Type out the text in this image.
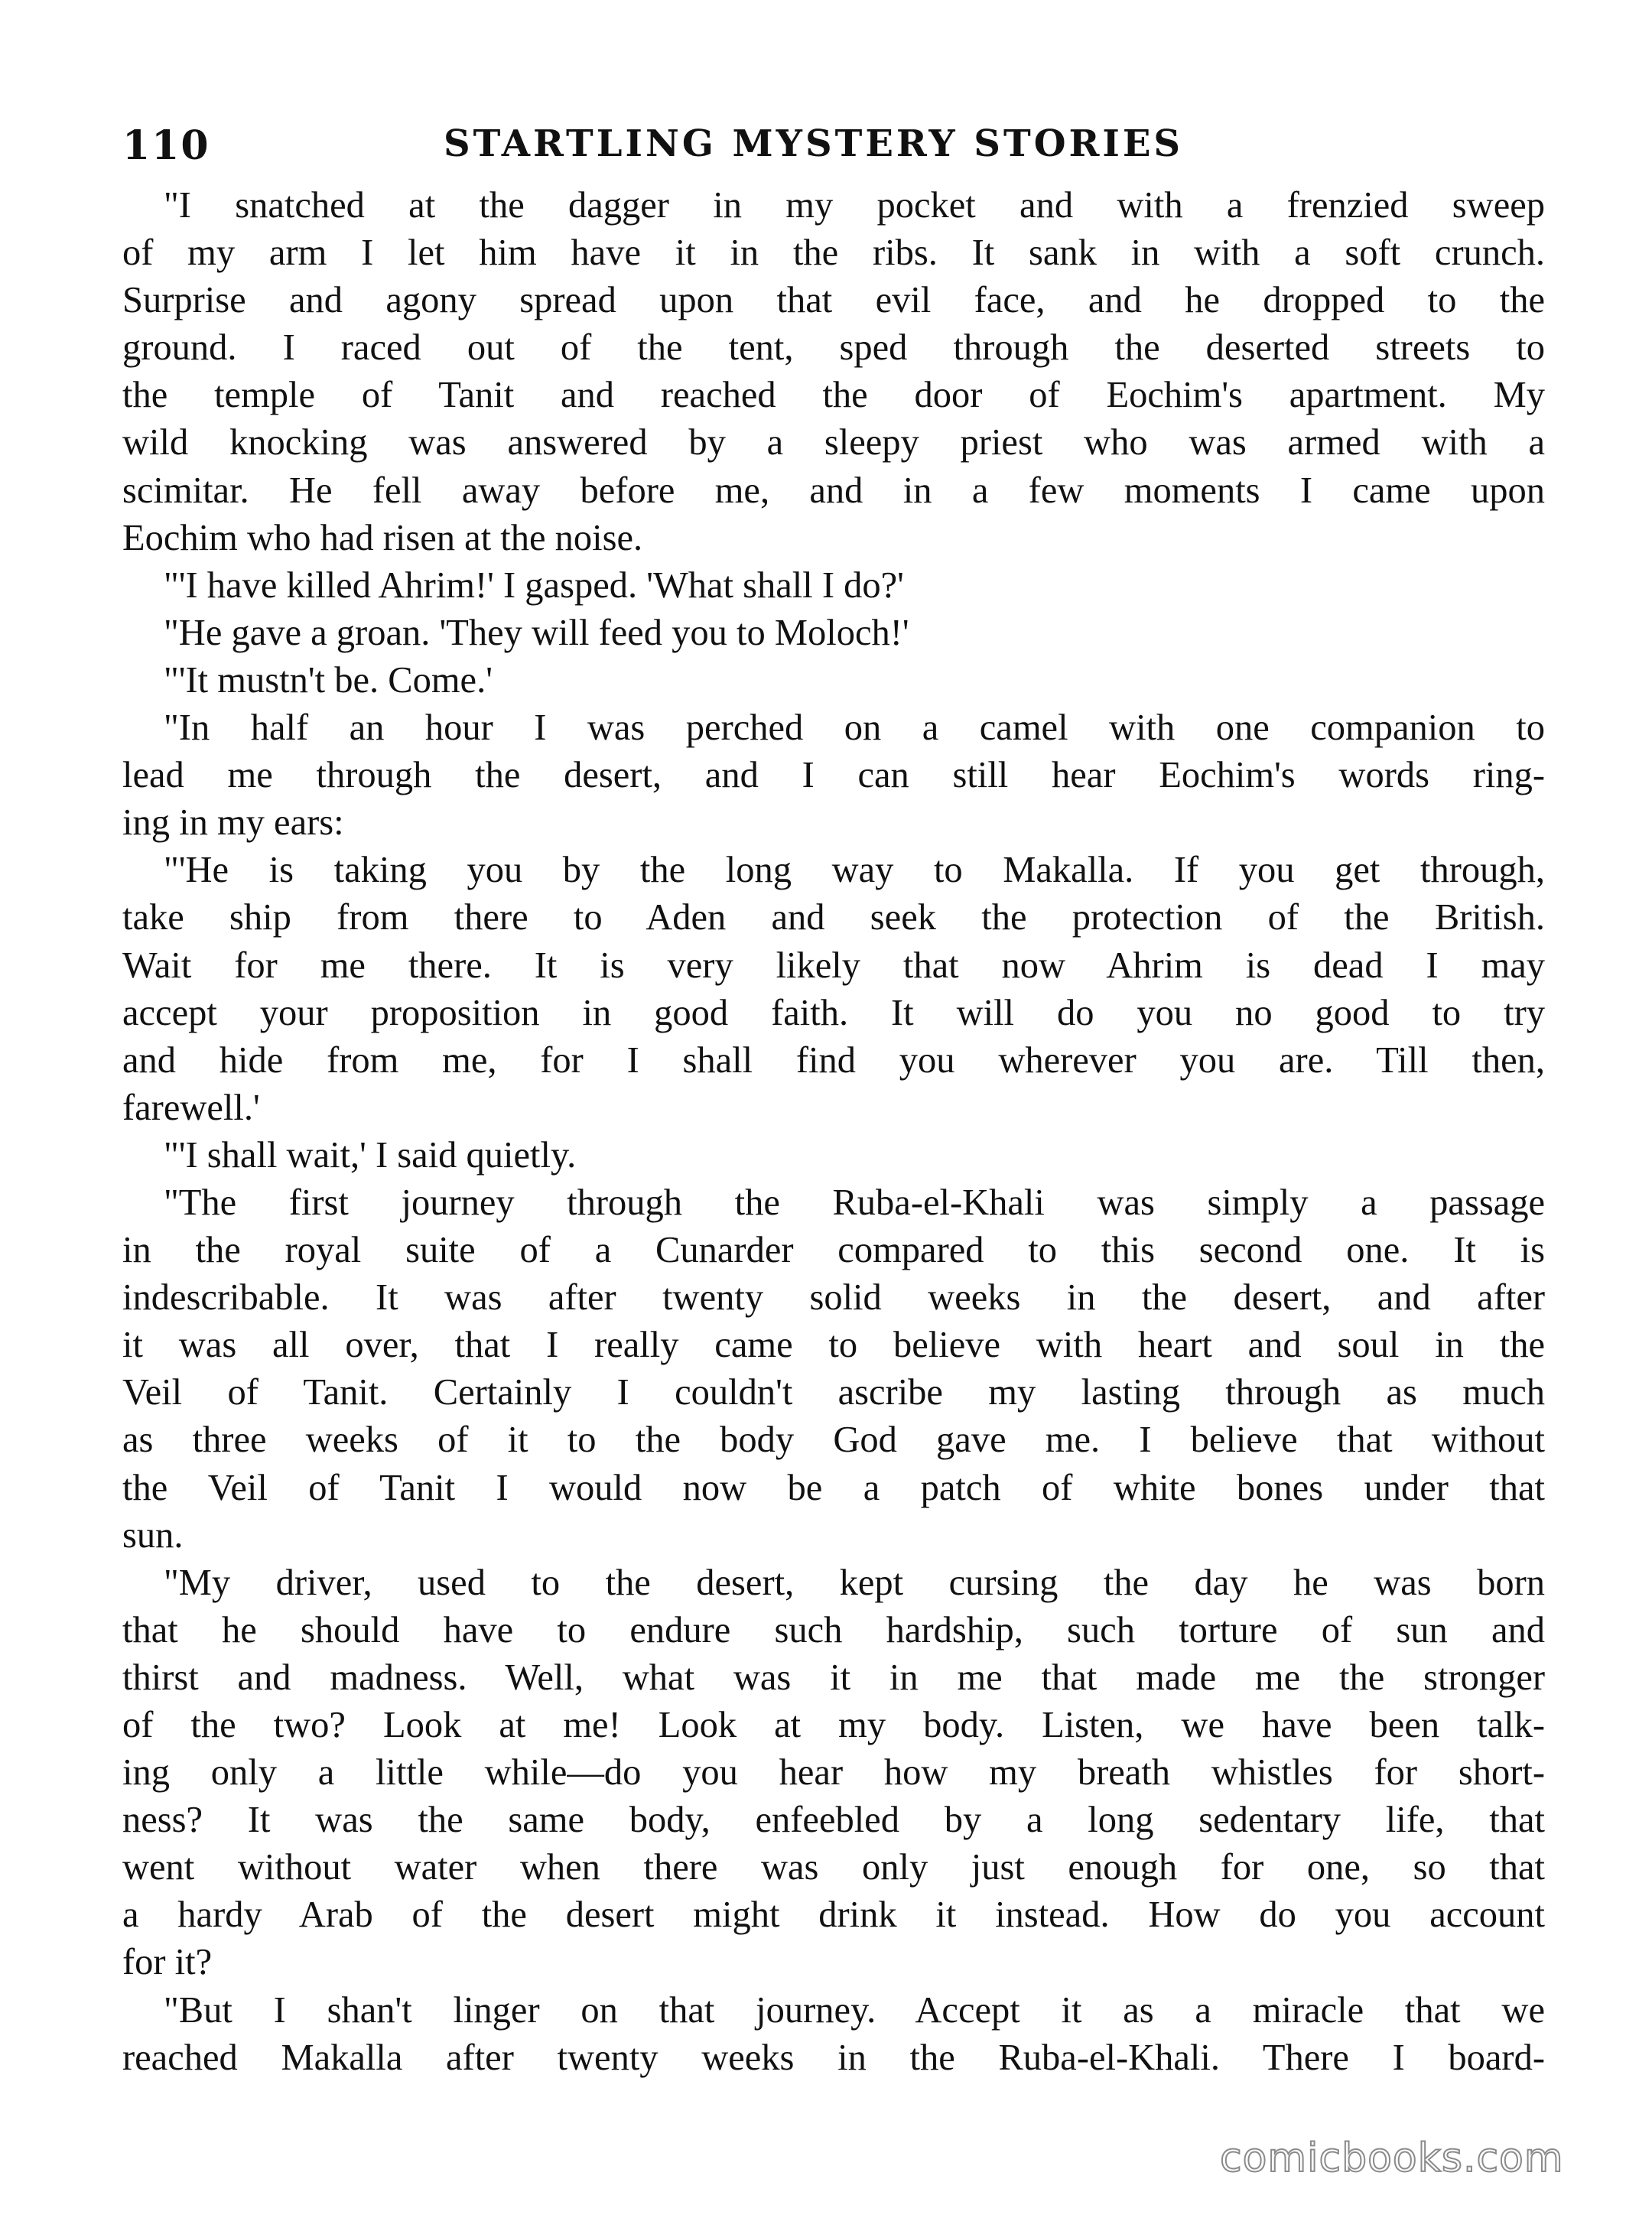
110	STARTLING MYSTERY STORIES
"I snatched at the dagger in my pocket and with a frenzied sweep
of my arm I let him have it in the ribs. It sank in with a soft crunch.
Surprise and agony spread upon that evil face, and he dropped to the
ground. I raced out of the tent, sped through the deserted streets to
the temple of Tanit and reached the door of Eochim's apartment. My
wild knocking was answered by a sleepy priest who was armed with a
scimitar. He fell away before me, and in a few moments I came upon
Eochim who had risen at the noise.
"'I have killed Ahrim!' I gasped. 'What shall I do?'
"He gave a groan. 'They will feed you to Moloch!'
"'It mustn't be. Come.'
"In half an hour I was perched on a camel with one companion to
lead me through the desert, and I can still hear Eochim's words ring-
ing in my ears:
"'He is taking you by the long way to Makalla. If you get through,
take ship from there to Aden and seek the protection of the British.
Wait for me there. It is very likely that now Ahrim is dead I may
accept your proposition in good faith. It will do you no good to try
and hide from me, for I shall find you wherever you are. Till then,
farewell.'
"'I shall wait,' I said quietly.
"The first journey through the Ruba-el-Khali was simply a passage
in the royal suite of a Cunarder compared to this second one. It is
indescribable. It was after twenty solid weeks in the desert, and after
it was all over, that I really came to believe with heart and soul in the
Veil of Tanit. Certainly I couldn't ascribe my lasting through as much
as three weeks of it to the body God gave me. I believe that without
the Veil of Tanit I would now be a patch of white bones under that
sun.
"My driver, used to the desert, kept cursing the day he was born
that he should have to endure such hardship, such torture of sun and
thirst and madness. Well, what was it in me that made me the stronger
of the two? Look at me! Look at my body. Listen, we have been talk-
ing only a little while—do you hear how my breath whistles for short-
ness? It was the same body, enfeebled by a long sedentary life, that
went without water when there was only just enough for one, so that
a hardy Arab of the desert might drink it instead. How do you account
for it?
"But I shan't linger on that journey. Accept it as a miracle that we
reached Makalla after twenty weeks in the Ruba-el-Khali. There I board-
comicbooks.com
